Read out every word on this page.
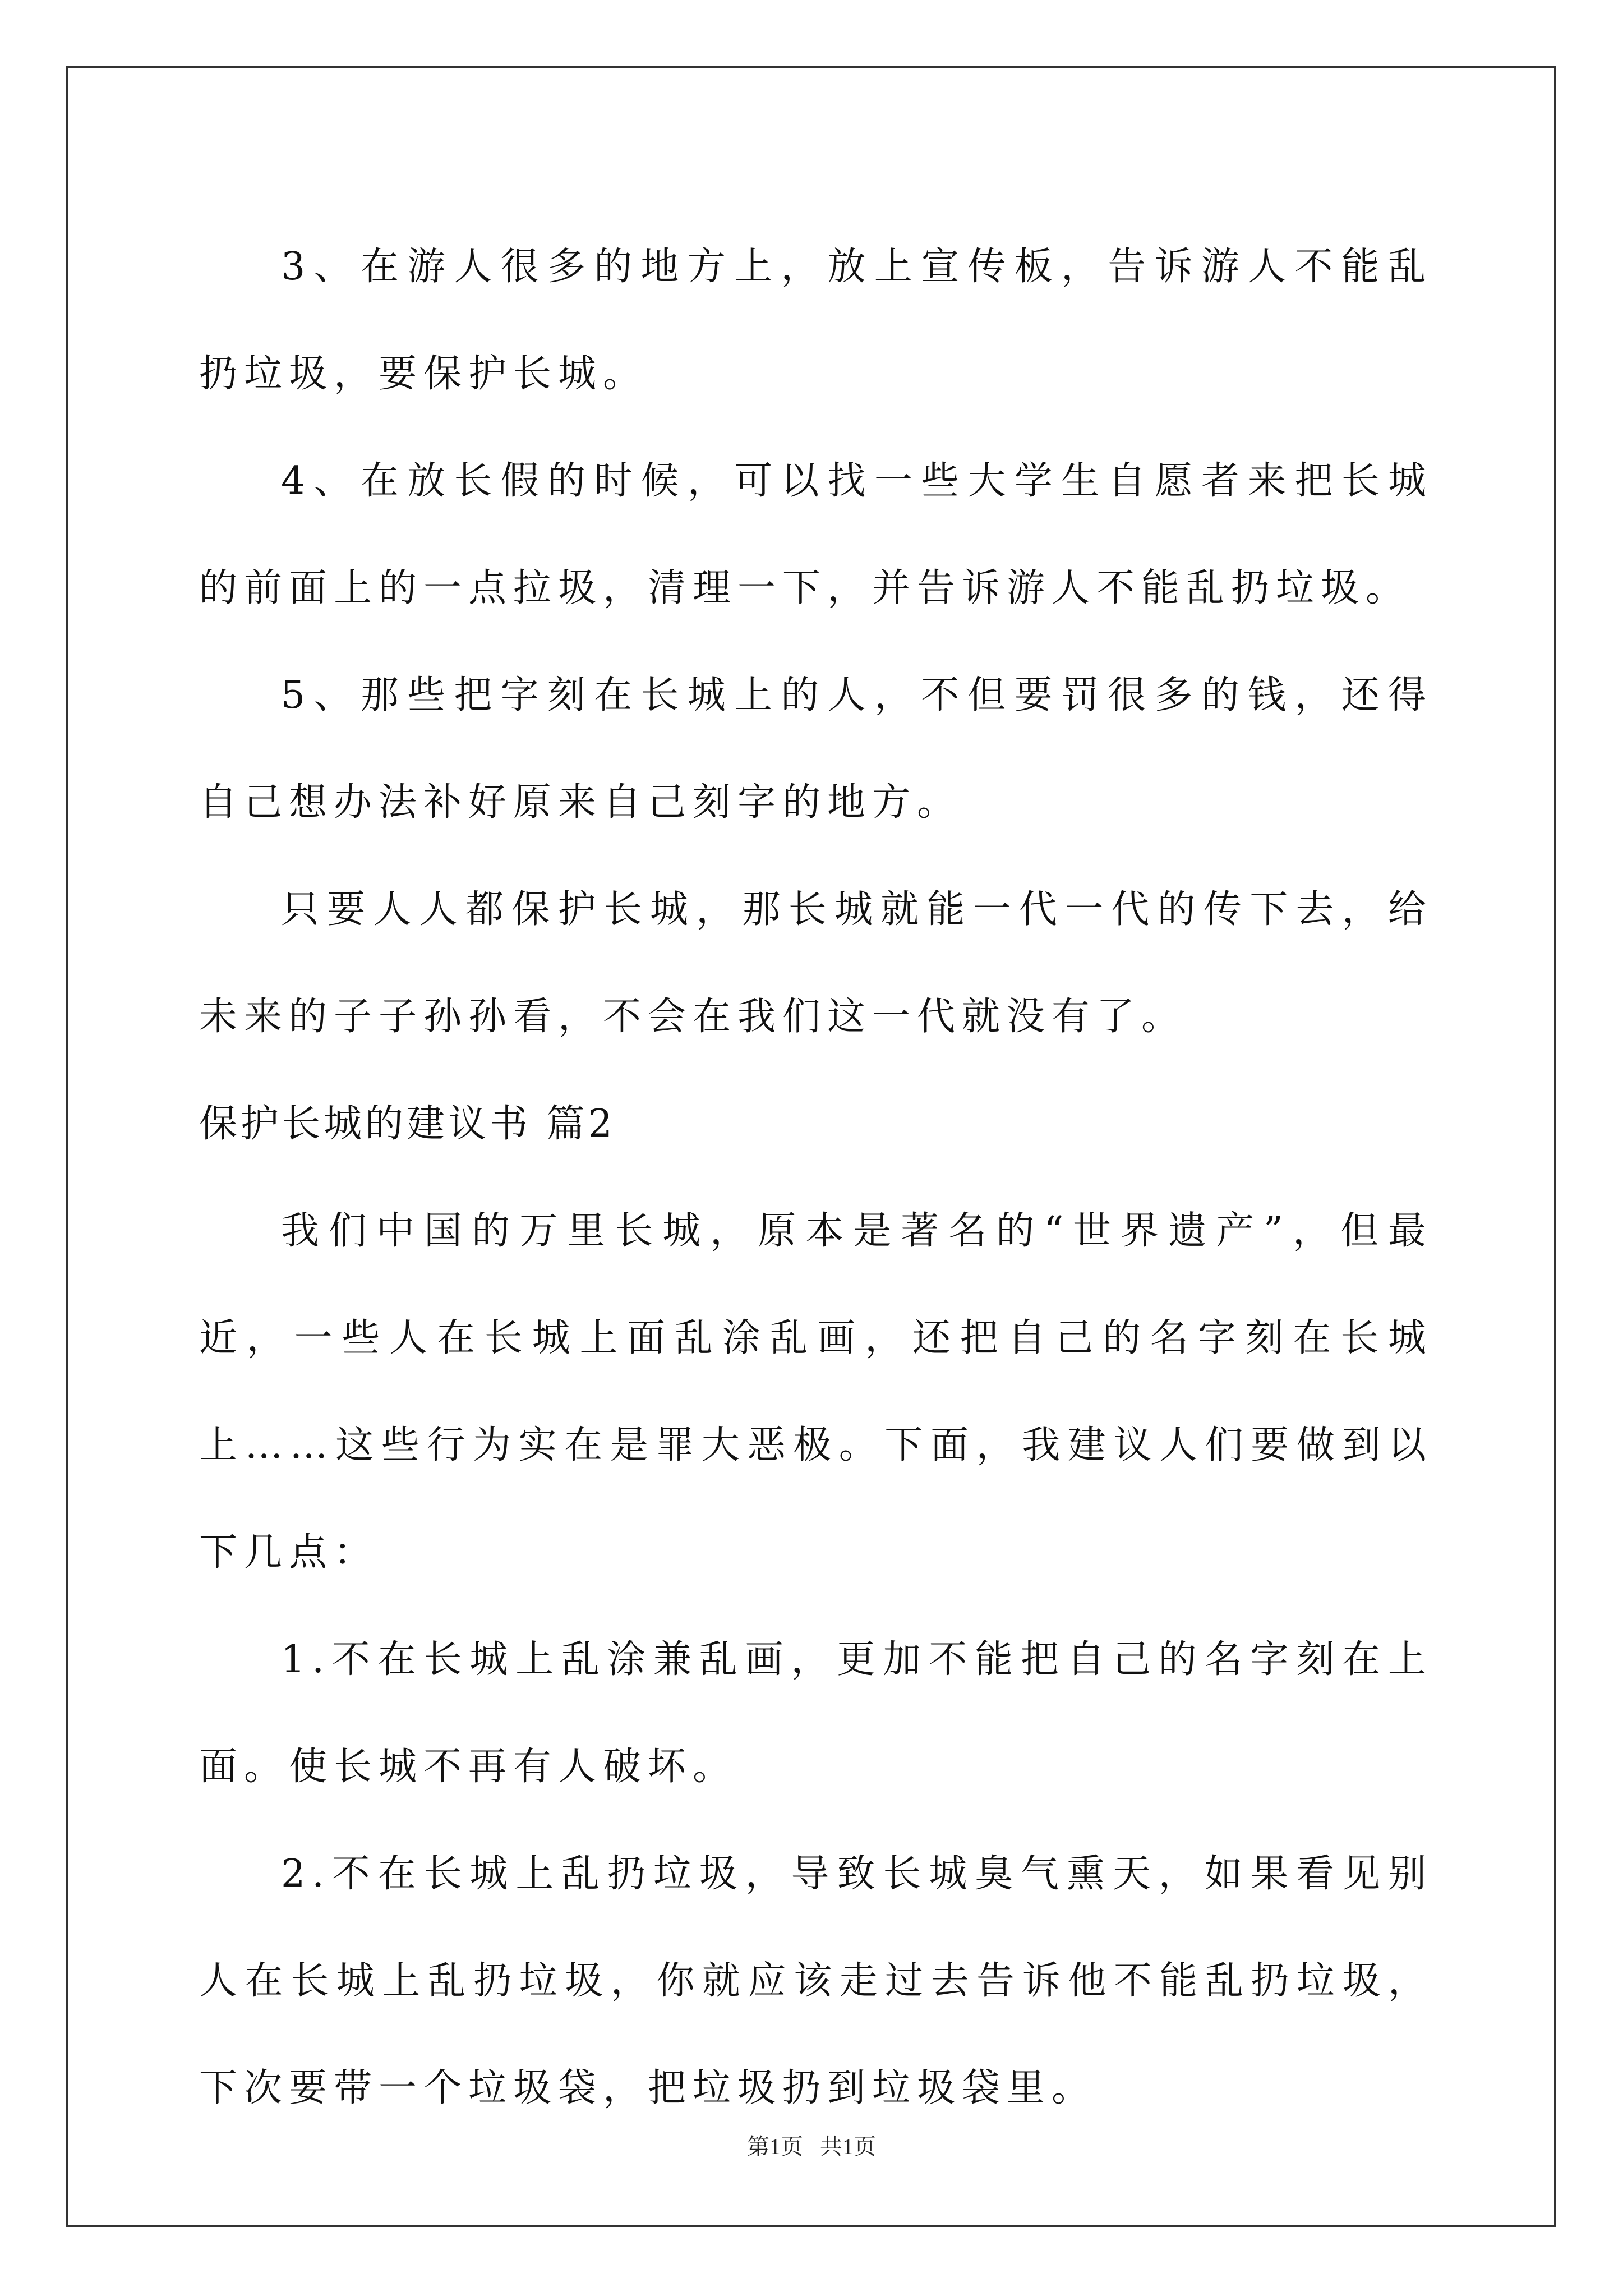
3、在游人很多的地方上，放上宣传板，告诉游人不能乱扔垃圾，要保护长城。

4、在放长假的时候，可以找一些大学生自愿者来把长城的前面上的一点拉圾，清理一下，并告诉游人不能乱扔垃圾。

5、那些把字刻在长城上的人，不但要罚很多的钱，还得自己想办法补好原来自己刻字的地方。

只要人人都保护长城，那长城就能一代一代的传下去，给未来的子子孙孙看，不会在我们这一代就没有了。

保护长城的建议书 篇2

我们中国的万里长城，原本是著名的“世界遗产”，但最近，一些人在长城上面乱涂乱画，还把自己的名字刻在长城上……这些行为实在是罪大恶极。下面，我建议人们要做到以下几点：

1.不在长城上乱涂兼乱画，更加不能把自己的名字刻在上面。使长城不再有人破坏。

2.不在长城上乱扔垃圾，导致长城臭气熏天，如果看见别人在长城上乱扔垃圾，你就应该走过去告诉他不能乱扔垃圾，下次要带一个垃圾袋，把垃圾扔到垃圾袋里。

第1页   共1页
